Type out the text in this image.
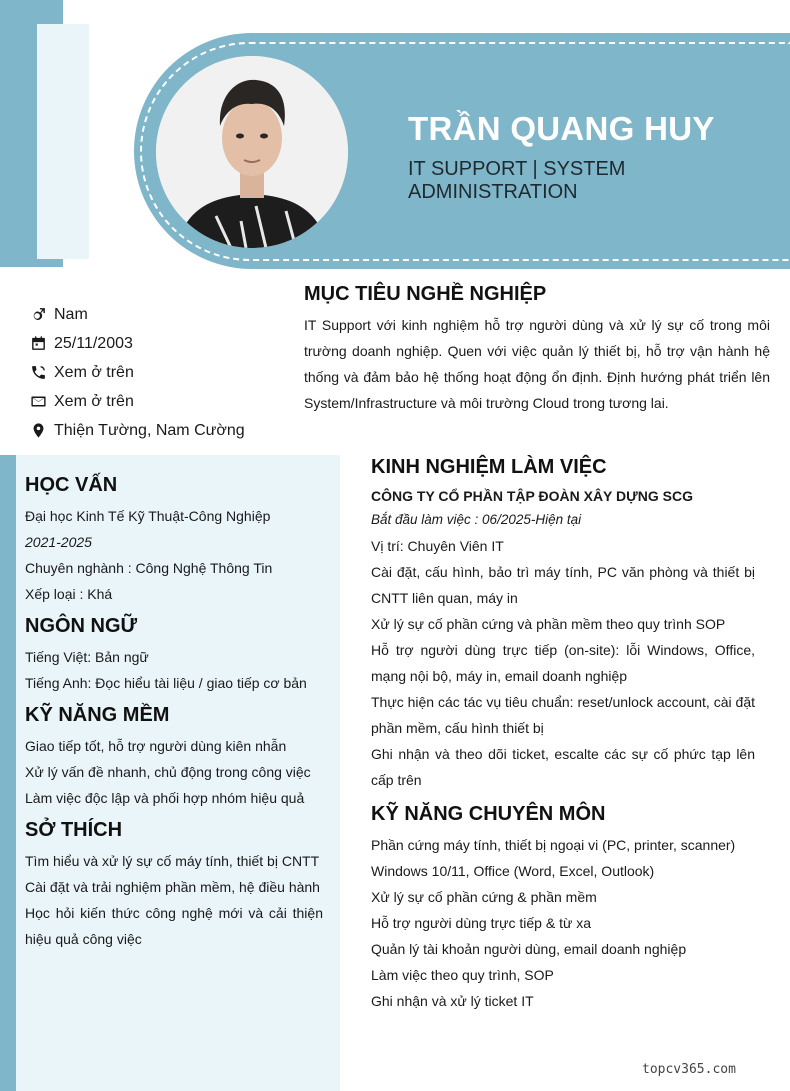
TRẦN QUANG HUY
IT SUPPORT | SYSTEM ADMINISTRATION
Nam
25/11/2003
Xem ở trên
Xem ở trên
Thiện Tường, Nam Cường
MỤC TIÊU NGHỀ NGHIỆP

IT Support với kinh nghiệm hỗ trợ người dùng và xử lý sự cố trong môi trường doanh nghiệp. Quen với việc quản lý thiết bị, hỗ trợ vận hành hệ thống và đảm bảo hệ thống hoạt động ổn định. Định hướng phát triển lên System/Infrastructure và môi trường Cloud trong tương lai.

HỌC VẤN
Đại học Kinh Tế Kỹ Thuật-Công Nghiệp
2021-2025
Chuyên nghành : Công Nghệ Thông Tin
Xếp loại : Khá
NGÔN NGỮ
Tiếng Việt: Bản ngữ
Tiếng Anh: Đọc hiểu tài liệu / giao tiếp cơ bản
KỸ NĂNG MỀM
Giao tiếp tốt, hỗ trợ người dùng kiên nhẫn
Xử lý vấn đề nhanh, chủ động trong công việc
Làm việc độc lập và phối hợp nhóm hiệu quả
SỞ THÍCH
Tìm hiểu và xử lý sự cố máy tính, thiết bị CNTT
Cài đặt và trải nghiệm phần mềm, hệ điều hành
Học hỏi kiến thức công nghệ mới và cải thiện hiệu quả công việc
KINH NGHIỆM LÀM VIỆC
CÔNG TY CỔ PHẦN TẬP ĐOÀN XÂY DỰNG SCG
Bắt đầu làm việc : 06/2025-Hiện tại
Vị trí: Chuyên Viên IT
Cài đặt, cấu hình, bảo trì máy tính, PC văn phòng và thiết bị CNTT liên quan, máy in
Xử lý sự cố phần cứng và phần mềm theo quy trình SOP
Hỗ trợ người dùng trực tiếp (on-site): lỗi Windows, Office, mạng nội bộ, máy in, email doanh nghiệp
Thực hiện các tác vụ tiêu chuẩn: reset/unlock account, cài đặt phần mềm, cấu hình thiết bị
Ghi nhận và theo dõi ticket, escalte các sự cố phức tạp lên cấp trên
KỸ NĂNG CHUYÊN MÔN
Phần cứng máy tính, thiết bị ngoại vi (PC, printer, scanner)
Windows 10/11, Office (Word, Excel, Outlook)
Xử lý sự cố phần cứng & phần mềm
Hỗ trợ người dùng trực tiếp & từ xa
Quản lý tài khoản người dùng, email doanh nghiệp
Làm việc theo quy trình, SOP
Ghi nhận và xử lý ticket IT
topcv365.com
